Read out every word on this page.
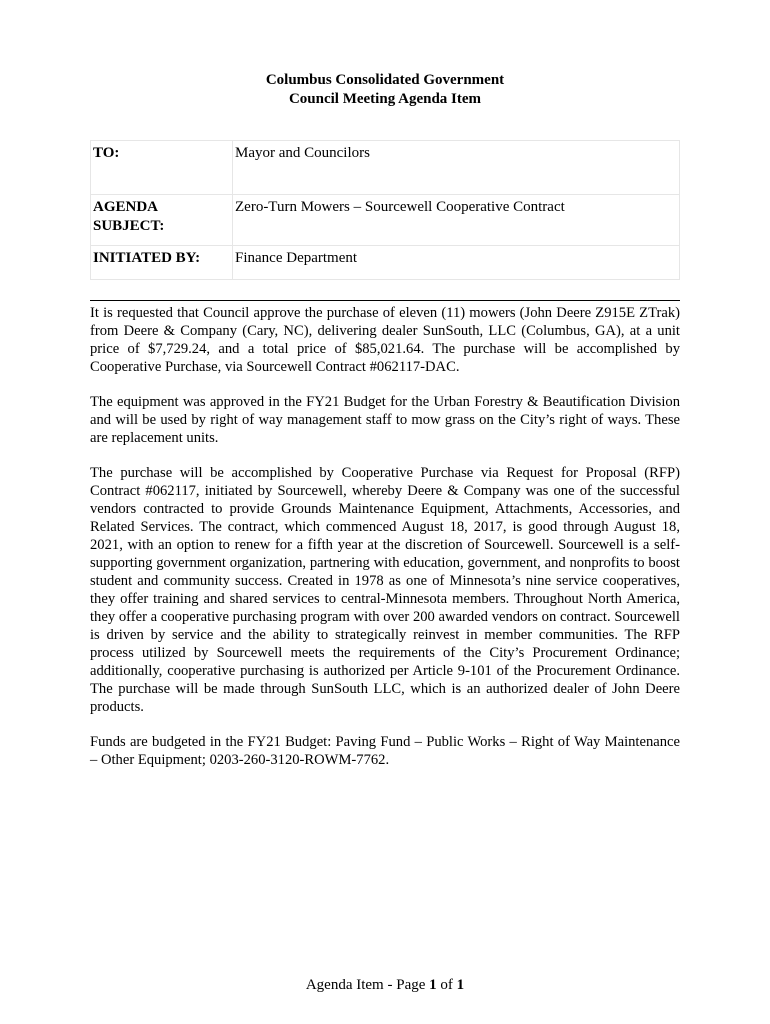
Columbus Consolidated Government
Council Meeting Agenda Item
TO:	Mayor and Councilors

AGENDA
SUBJECT:	Zero-Turn Mowers – Sourcewell Cooperative Contract
INITIATED BY:	Finance Department

It is requested that Council approve the purchase of eleven (11) mowers (John Deere Z915E ZTrak) from Deere & Company (Cary, NC), delivering dealer SunSouth, LLC (Columbus, GA), at a unit price of $7,729.24, and a total price of $85,021.64. The purchase will be accomplished by Cooperative Purchase, via Sourcewell Contract #062117-DAC.

The equipment was approved in the FY21 Budget for the Urban Forestry & Beautification Division and will be used by right of way management staff to mow grass on the City’s right of ways. These are replacement units.

The purchase will be accomplished by Cooperative Purchase via Request for Proposal (RFP) Contract #062117, initiated by Sourcewell, whereby Deere & Company was one of the successful vendors contracted to provide Grounds Maintenance Equipment, Attachments, Accessories, and Related Services. The contract, which commenced August 18, 2017, is good through August 18, 2021, with an option to renew for a fifth year at the discretion of Sourcewell. Sourcewell is a self-supporting government organization, partnering with education, government, and nonprofits to boost student and community success. Created in 1978 as one of Minnesota’s nine service cooperatives, they offer training and shared services to central-Minnesota members. Throughout North America, they offer a cooperative purchasing program with over 200 awarded vendors on contract. Sourcewell is driven by service and the ability to strategically reinvest in member communities. The RFP process utilized by Sourcewell meets the requirements of the City’s Procurement Ordinance; additionally, cooperative purchasing is authorized per Article 9-101 of the Procurement Ordinance. The purchase will be made through SunSouth LLC, which is an authorized dealer of John Deere products.

Funds are budgeted in the FY21 Budget: Paving Fund – Public Works – Right of Way Maintenance – Other Equipment; 0203-260-3120-ROWM-7762.

Agenda Item - Page 1 of 1
